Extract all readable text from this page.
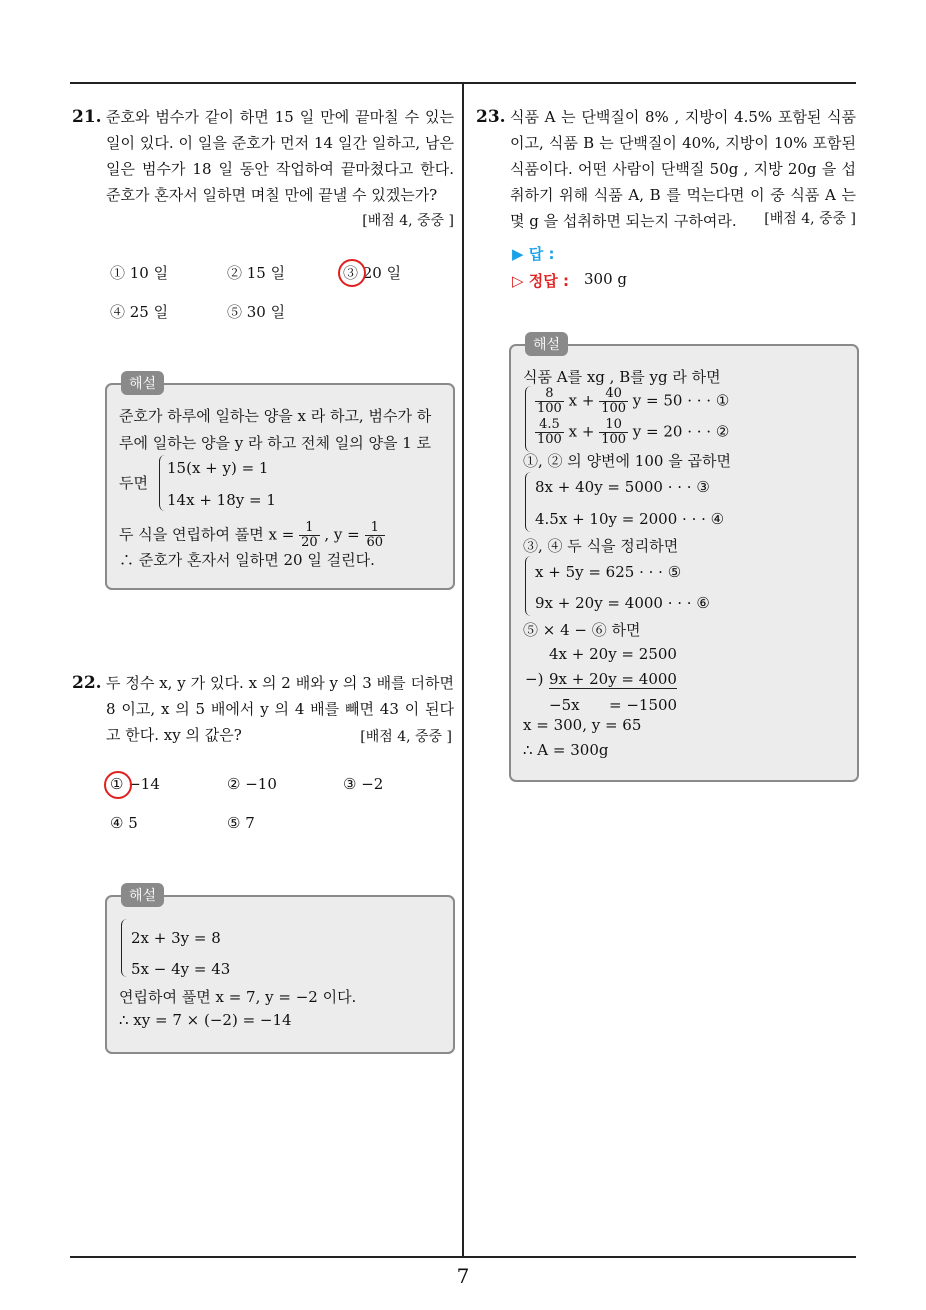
7
21. 준호와 범수가 같이 하면 15 일 만에 끝마칠 수 있는 일이 있다. 이 일을 준호가 먼저 14 일간 일하고, 남은 일은 범수가 18 일 동안 작업하여 끝마쳤다고 한다. 준호가 혼자서 일하면 며칠 만에 끝낼 수 있겠는가?
[배점 4, 중중 ]
① 10 일	② 15 일	③ 20 일
④ 25 일	⑤ 30 일
해설
준호가 하루에 일하는 양을 x 라 하고, 범수가 하
루에 일하는 양을 y 라 하고 전체 일의 양을 1 로
두면
15(x + y) = 1
14x + 18y = 1
두 식을 연립하여 풀면 $x = \frac{1}{20}$ , $y = \frac{1}{60}$
∴ 준호가 혼자서 일하면 20 일 걸린다.
22. 두 정수 x, y 가 있다. x 의 2 배와 y 의 3 배를 더하면 8 이고, x 의 5 배에서 y 의 4 배를 빼면 43 이 된다고 한다. xy 의 값은?	[배점 4, 중중 ]
① −14	② −10	③ −2
④ 5	⑤ 7
해설
2x + 3y = 8
5x − 4y = 43
연립하여 풀면 x = 7, y = −2 이다.
∴ xy = 7 × (−2) = −14
23. 식품 A 는 단백질이 8% , 지방이 4.5% 포함된 식품이고, 식품 B 는 단백질이 40%, 지방이 10% 포함된 식품이다. 어떤 사람이 단백질 50g , 지방 20g 을 섭취하기 위해 식품 A, B 를 먹는다면 이 중 식품 A 는 몇 g 을 섭취하면 되는지 구하여라.	[배점 4, 중중 ]
▶ 답 :
▷ 정답 : 300 g
해설
식품 A를 xg , B를 yg 라 하면
$\frac{8}{100}$ $x + \frac{40}{100}$ y = 50 · · · ①
$\frac{4.5}{100}$ $x + \frac{10}{100}$ y = 20 · · · ②
①, ② 의 양변에 100 을 곱하면
8x + 40y = 5000 · · · ③
4.5x + 10y = 2000 · · · ④
③, ④ 두 식을 정리하면
x + 5y = 625 · · · ⑤
9x + 20y = 4000 · · · ⑥
⑤ × 4 − ⑥ 하면
4x + 20y = 2500
−) 9x + 20y = 4000
−5x = −1500
x = 300, y = 65
∴ A = 300g
